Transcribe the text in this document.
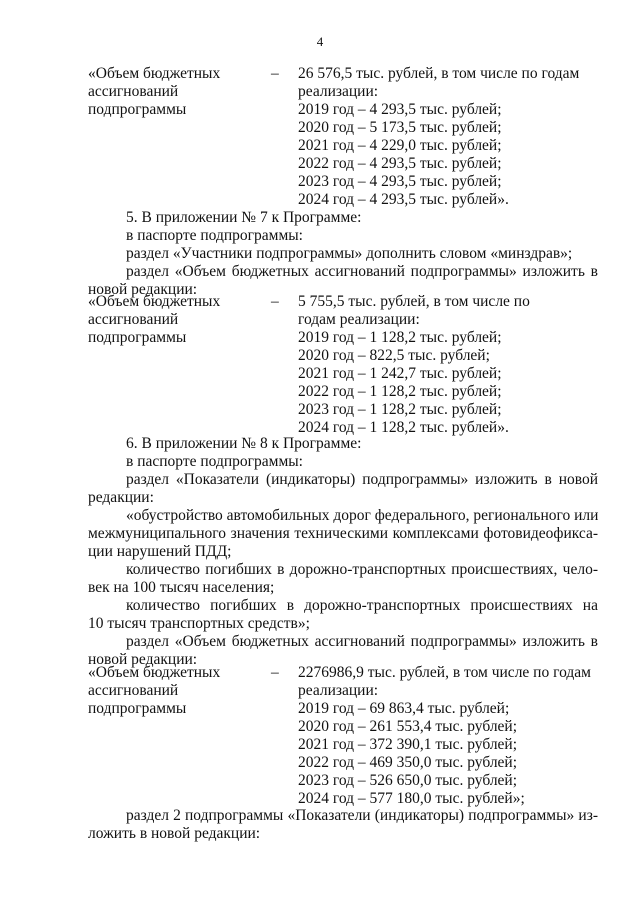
4
«Объем бюджетных
ассигнований
подпрограммы
– 26 576,5 тыс. рублей, в том числе по годам
реализации:
2019 год – 4 293,5 тыс. рублей;
2020 год – 5 173,5 тыс. рублей;
2021 год – 4 229,0 тыс. рублей;
2022 год – 4 293,5 тыс. рублей;
2023 год – 4 293,5 тыс. рублей;
2024 год – 4 293,5 тыс. рублей».
5. В приложении № 7 к Программе:
в паспорте подпрограммы:
раздел «Участники подпрограммы» дополнить словом «минздрав»;
раздел «Объем бюджетных ассигнований подпрограммы» изложить в
новой редакции:
«Объем бюджетных
ассигнований
подпрограммы
– 5 755,5 тыс. рублей, в том числе по
годам реализации:
2019 год – 1 128,2 тыс. рублей;
2020 год – 822,5 тыс. рублей;
2021 год – 1 242,7 тыс. рублей;
2022 год – 1 128,2 тыс. рублей;
2023 год – 1 128,2 тыс. рублей;
2024 год – 1 128,2 тыс. рублей».
6. В приложении № 8 к Программе:
в паспорте подпрограммы:
раздел «Показатели (индикаторы) подпрограммы» изложить в новой
редакции:
«обустройство автомобильных дорог федерального, регионального или
межмуниципального значения техническими комплексами фотовидеофикса-
ции нарушений ПДД;
количество погибших в дорожно-транспортных происшествиях, чело-
век на 100 тысяч населения;
количество погибших в дорожно-транспортных происшествиях на
10 тысяч транспортных средств»;
раздел «Объем бюджетных ассигнований подпрограммы» изложить в
новой редакции:
«Объем бюджетных
ассигнований
подпрограммы
– 2276986,9 тыс. рублей, в том числе по годам
реализации:
2019 год – 69 863,4 тыс. рублей;
2020 год – 261 553,4 тыс. рублей;
2021 год – 372 390,1 тыс. рублей;
2022 год – 469 350,0 тыс. рублей;
2023 год – 526 650,0 тыс. рублей;
2024 год – 577 180,0 тыс. рублей»;
раздел 2 подпрограммы «Показатели (индикаторы) подпрограммы» из-
ложить в новой редакции:
